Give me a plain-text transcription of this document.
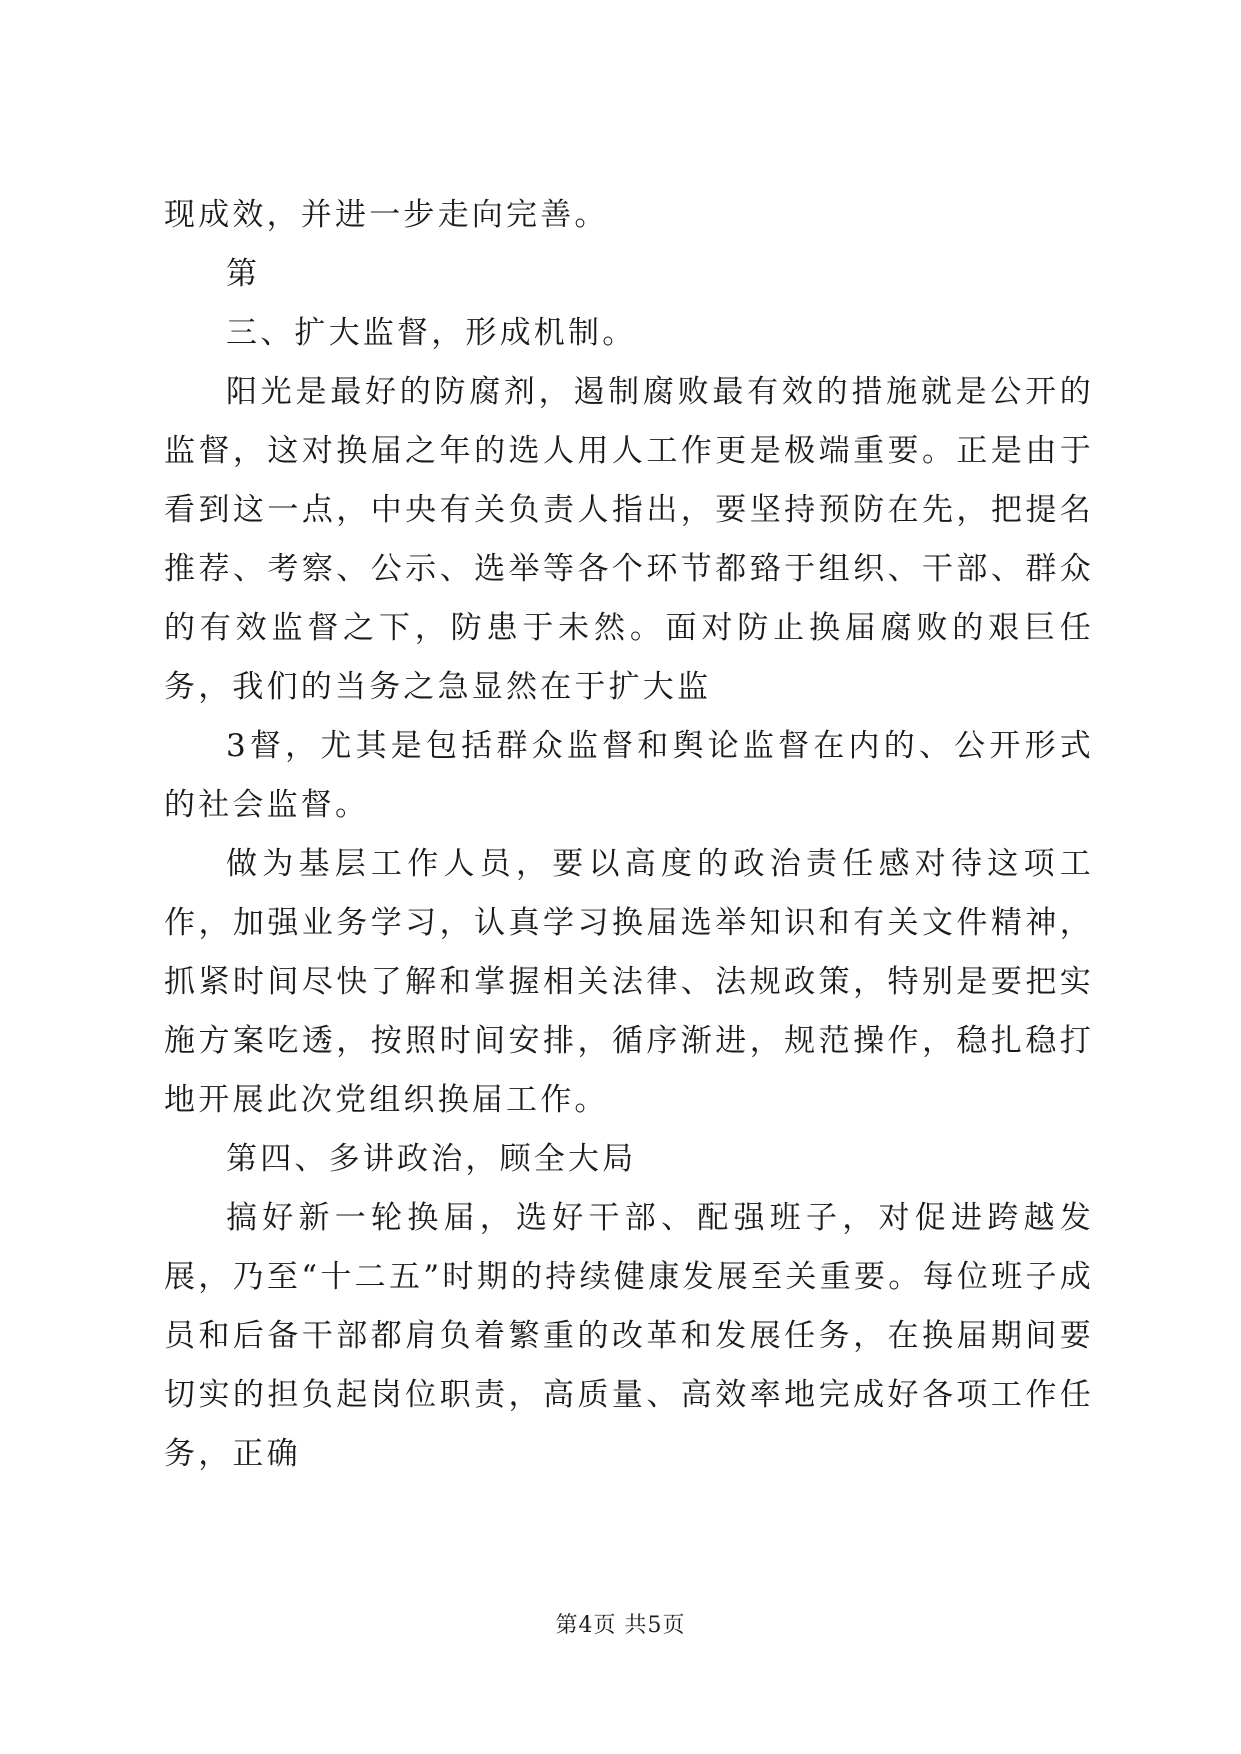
现成效，并进一步走向完善。

第

三、扩大监督，形成机制。

阳光是最好的防腐剂，遏制腐败最有效的措施就是公开的监督，这对换届之年的选人用人工作更是极端重要。正是由于看到这一点，中央有关负责人指出，要坚持预防在先，把提名推荐、考察、公示、选举等各个环节都臵于组织、干部、群众的有效监督之下，防患于未然。面对防止换届腐败的艰巨任务，我们的当务之急显然在于扩大监

3督，尤其是包括群众监督和舆论监督在内的、公开形式的社会监督。

做为基层工作人员，要以高度的政治责任感对待这项工作，加强业务学习，认真学习换届选举知识和有关文件精神，抓紧时间尽快了解和掌握相关法律、法规政策，特别是要把实施方案吃透，按照时间安排，循序渐进，规范操作，稳扎稳打地开展此次党组织换届工作。

第四、多讲政治，顾全大局

搞好新一轮换届，选好干部、配强班子，对促进跨越发展，乃至“十二五”时期的持续健康发展至关重要。每位班子成员和后备干部都肩负着繁重的改革和发展任务，在换届期间要切实的担负起岗位职责，高质量、高效率地完成好各项工作任务，正确

第4页 共5页
